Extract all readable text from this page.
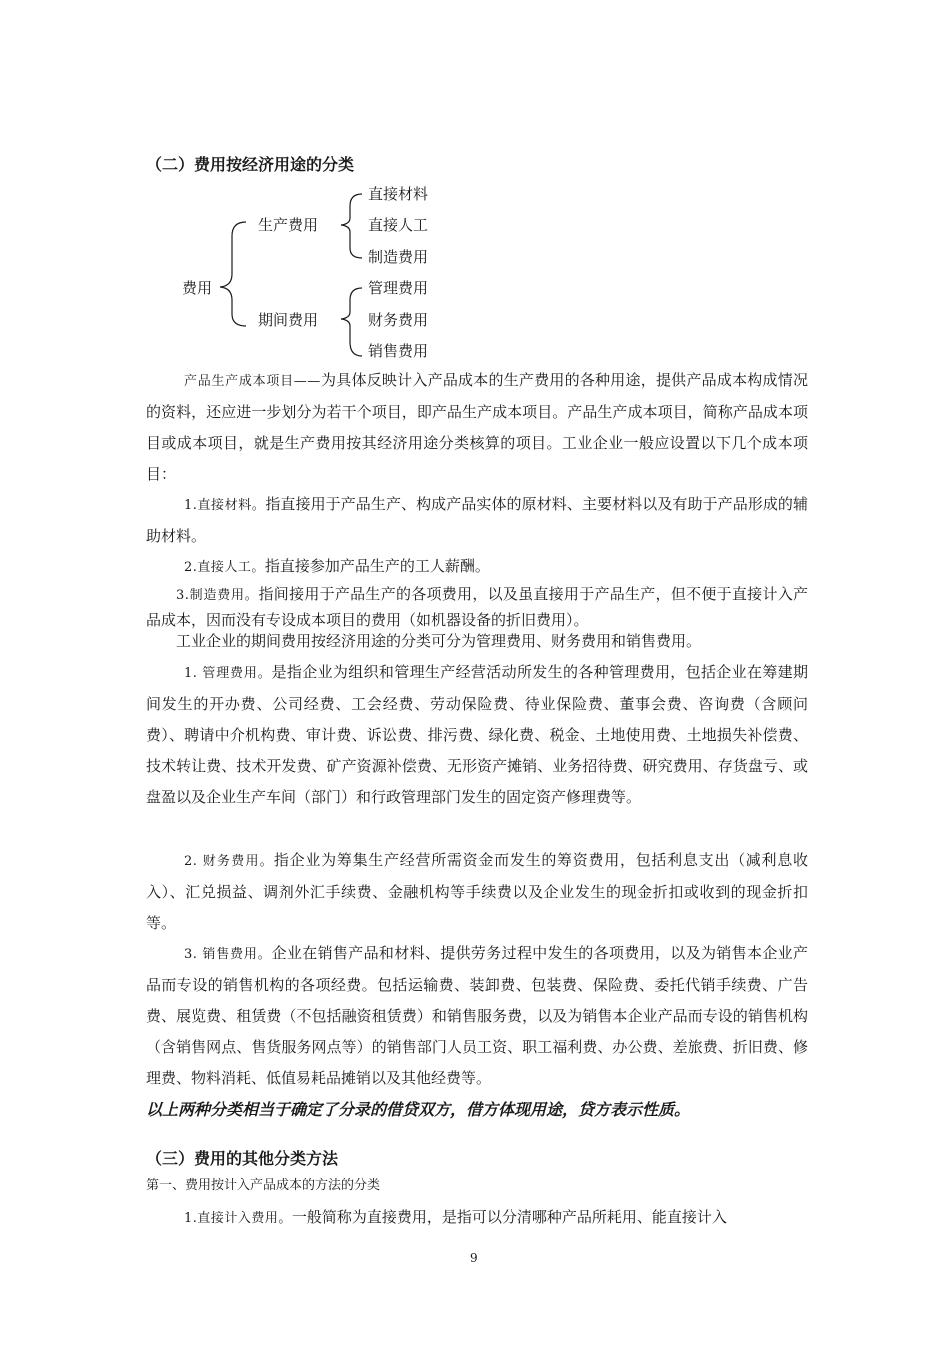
（二）费用按经济用途的分类
费用
生产费用
期间费用
直接材料
直接人工
制造费用
管理费用
财务费用
销售费用

产品生产成本项目——为具体反映计入产品成本的生产费用的各种用途，提供产品成本构成情况的资料，还应进一步划分为若干个项目，即产品生产成本项目。产品生产成本项目，简称产品成本项目或成本项目，就是生产费用按其经济用途分类核算的项目。工业企业一般应设置以下几个成本项目：

1.直接材料。指直接用于产品生产、构成产品实体的原材料、主要材料以及有助于产品形成的辅助材料。

2.直接人工。指直接参加产品生产的工人薪酬。

3.制造费用。指间接用于产品生产的各项费用，以及虽直接用于产品生产，但不便于直接计入产品成本，因而没有专设成本项目的费用（如机器设备的折旧费用）。

工业企业的期间费用按经济用途的分类可分为管理费用、财务费用和销售费用。

1. 管理费用。是指企业为组织和管理生产经营活动所发生的各种管理费用，包括企业在筹建期间发生的开办费、公司经费、工会经费、劳动保险费、待业保险费、董事会费、咨询费（含顾问费）、聘请中介机构费、审计费、诉讼费、排污费、绿化费、税金、土地使用费、土地损失补偿费、技术转让费、技术开发费、矿产资源补偿费、无形资产摊销、业务招待费、研究费用、存货盘亏、或盘盈以及企业生产车间（部门）和行政管理部门发生的固定资产修理费等。

2. 财务费用。指企业为筹集生产经营所需资金而发生的筹资费用，包括利息支出（减利息收入）、汇兑损益、调剂外汇手续费、金融机构等手续费以及企业发生的现金折扣或收到的现金折扣等。

3. 销售费用。企业在销售产品和材料、提供劳务过程中发生的各项费用，以及为销售本企业产品而专设的销售机构的各项经费。包括运输费、装卸费、包装费、保险费、委托代销手续费、广告费、展览费、租赁费（不包括融资租赁费）和销售服务费，以及为销售本企业产品而专设的销售机构（含销售网点、售货服务网点等）的销售部门人员工资、职工福利费、办公费、差旅费、折旧费、修理费、物料消耗、低值易耗品摊销以及其他经费等。

以上两种分类相当于确定了分录的借贷双方，借方体现用途，贷方表示性质。
（三）费用的其他分类方法
第一、费用按计入产品成本的方法的分类

1.直接计入费用。一般简称为直接费用，是指可以分清哪种产品所耗用、能直接计入

9
